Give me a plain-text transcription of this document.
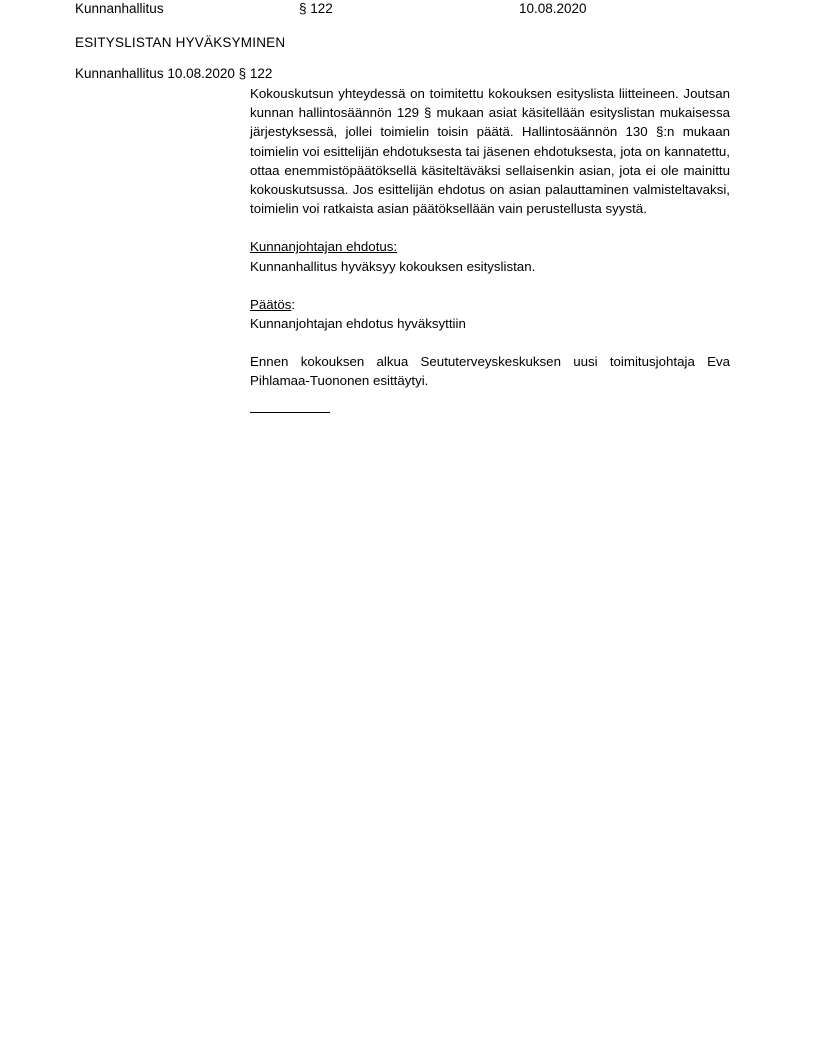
Kunnanhallitus	§ 122	10.08.2020
ESITYSLISTAN HYVÄKSYMINEN
Kunnanhallitus 10.08.2020 § 122

Kokouskutsun yhteydessä on toimitettu kokouksen esityslista liitteineen. Joutsan kunnan hallintosäännön 129 § mukaan asiat käsitellään esityslistan mukaisessa järjestyksessä, jollei toimielin toisin päätä. Hallintosäännön 130 §:n mukaan toimielin voi esittelijän ehdotuksesta tai jäsenen ehdotuksesta, jota on kannatettu, ottaa enemmistöpäätöksellä käsiteltäväksi sellaisenkin asian, jota ei ole mainittu kokouskutsussa. Jos esittelijän ehdotus on asian palauttaminen valmisteltavaksi, toimielin voi ratkaista asian päätöksellään vain perustellusta syystä.

Kunnanjohtajan ehdotus:

Kunnanhallitus hyväksyy kokouksen esityslistan.

Päätös:

Kunnanjohtajan ehdotus hyväksyttiin

Ennen kokouksen alkua Seututerveyskeskuksen uusi toimitusjohtaja Eva Pihlamaa-Tuononen esittäytyi.
